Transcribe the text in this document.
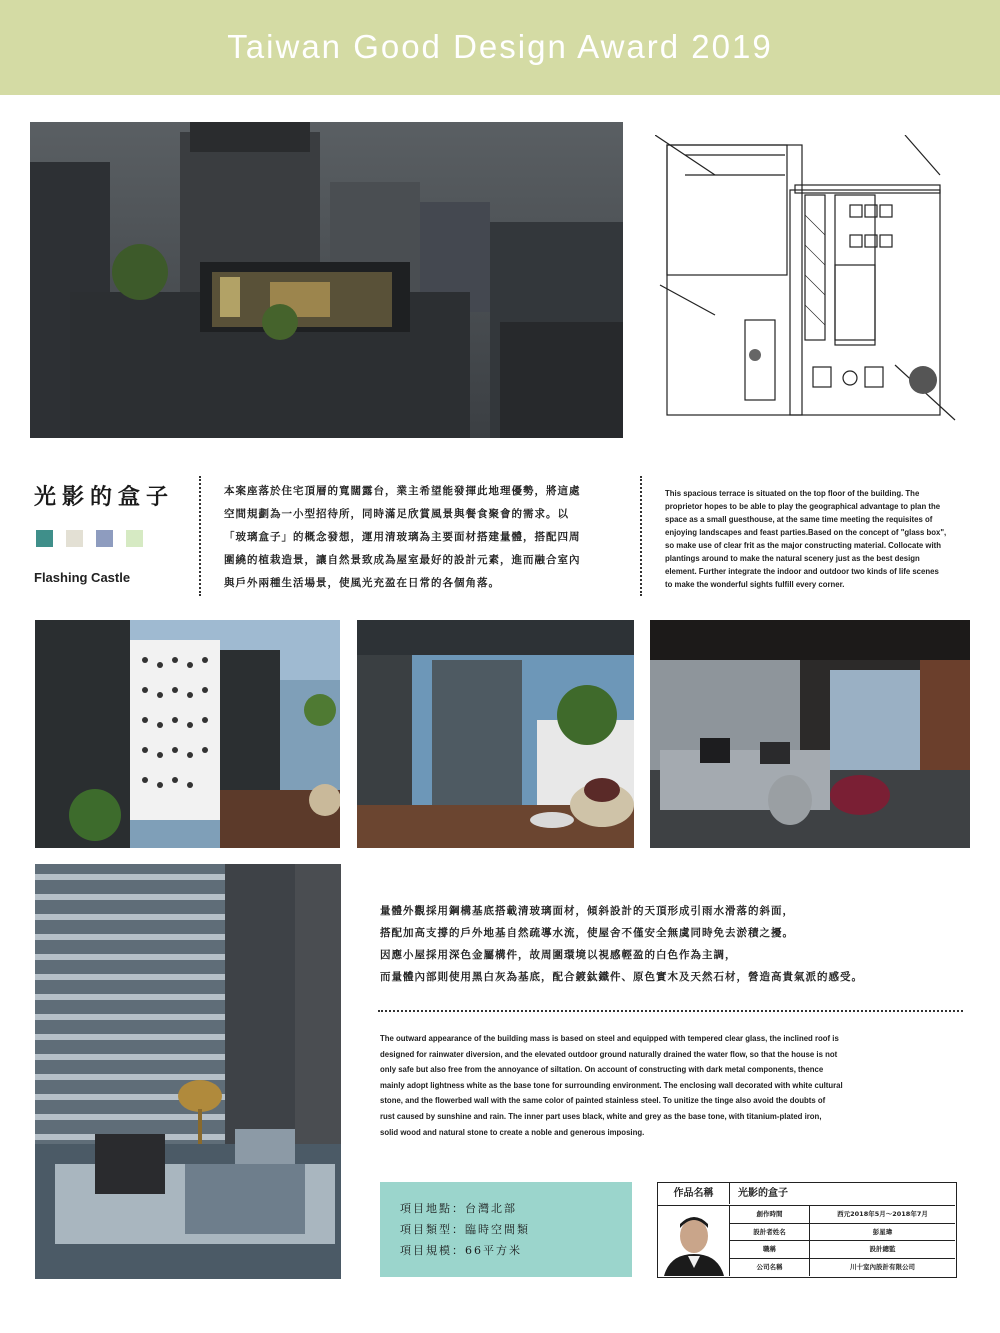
Taiwan Good Design Award 2019
光影的盒子
Flashing Castle
本案座落於住宅頂層的寬闊露台，業主希望能發揮此地理優勢，將這處
空間規劃為一小型招待所，同時滿足欣賞風景與餐食聚會的需求。以
「玻璃盒子」的概念發想，運用清玻璃為主要面材搭建量體，搭配四周
圍繞的植栽造景，讓自然景致成為屋室最好的設計元素，進而融合室內
與戶外兩種生活場景，使風光充盈在日常的各個角落。
This spacious terrace is situated on the top floor of the building. The
proprietor hopes to be able to play the geographical advantage to plan the
space as a small guesthouse, at the same time meeting the requisites of
enjoying landscapes and feast parties.Based on the concept of "glass box",
so make use of clear frit as the major constructing material. Collocate with
plantings around to make the natural scenery just as the best design
element. Further integrate the indoor and outdoor two kinds of life scenes
to make the wonderful sights fulfill every corner.
量體外觀採用鋼構基底搭載清玻璃面材，傾斜設計的天頂形成引雨水滑落的斜面，
搭配加高支撐的戶外地基自然疏導水流，使屋舍不僅安全無虞同時免去淤積之擾。
因應小屋採用深色金屬構件，故周圍環境以視感輕盈的白色作為主調，
而量體內部則使用黑白灰為基底，配合鍍鈦鐵件、原色實木及天然石材，營造高貴氣派的感受。
The outward appearance of the building mass is based on steel and equipped with tempered clear glass, the inclined roof is
designed for rainwater diversion, and the elevated outdoor ground naturally drained the water flow, so that the house is not
only safe but also free from the annoyance of siltation. On account of constructing with dark metal components, thence
mainly adopt lightness white as the base tone for surrounding environment. The enclosing wall decorated with white cultural
stone, and the flowerbed wall with the same color of painted stainless steel. To unitize the tinge also avoid the doubts of
rust caused by sunshine and rain. The inner part uses black, white and grey as the base tone, with titanium-plated iron,
solid wood and natural stone to create a noble and generous imposing.
項目地點：台灣北部
項目類型：臨時空間類
項目規模：66平方米
作品名稱	光影的盒子
創作時間	西元2018年5月～2018年7月
設計者姓名	彭星瑋
職稱	設計總監
公司名稱	川十室內設計有限公司
